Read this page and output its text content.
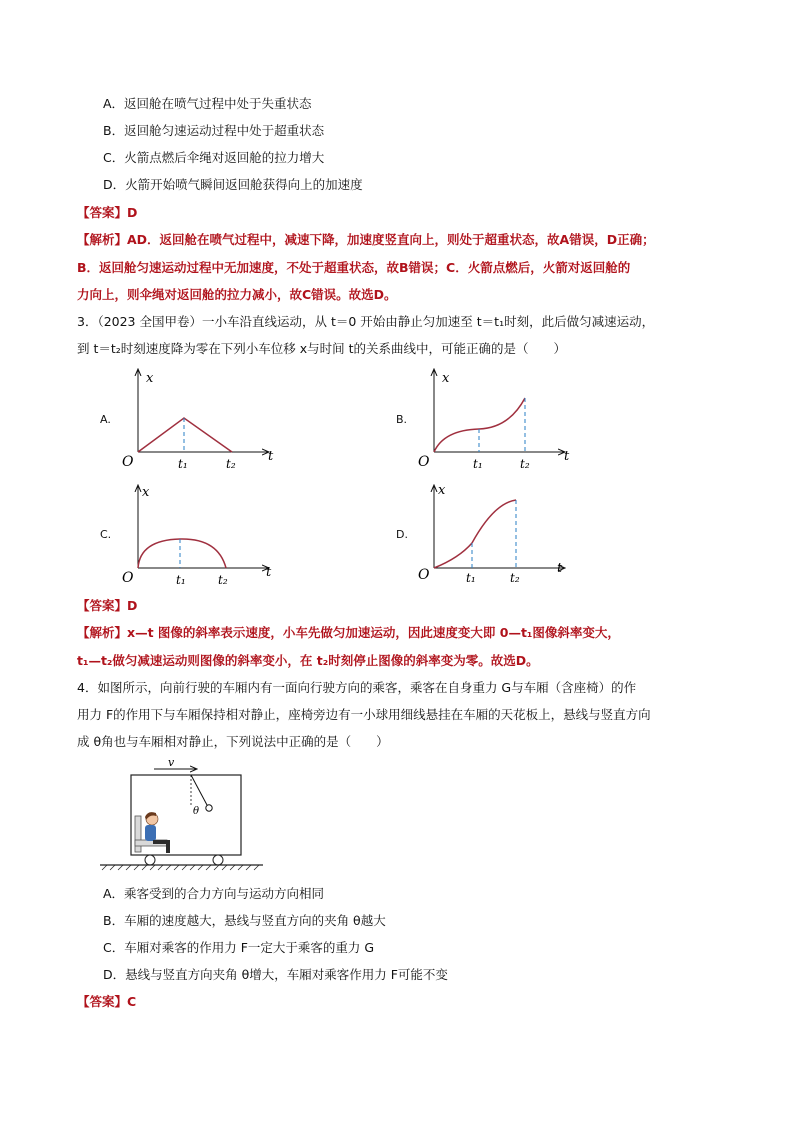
A．返回舱在喷气过程中处于失重状态
B．返回舱匀速运动过程中处于超重状态
C．火箭点燃后伞绳对返回舱的拉力增大
D．火箭开始喷气瞬间返回舱获得向上的加速度
【答案】D
【解析】AD．返回舱在喷气过程中，减速下降，加速度竖直向上，则处于超重状态，故A错误，D正确；
B．返回舱匀速运动过程中无加速度，不处于超重状态，故B错误；C．火箭点燃后，火箭对返回舱的
力向上，则伞绳对返回舱的拉力减小，故C错误。故选D。
3．（2023 全国甲卷）一小车沿直线运动，从 t＝0 开始由静止匀加速至 t＝t₁时刻，此后做匀减速运动，
到 t＝t₂时刻速度降为零在下列小车位移 x与时间 t的关系曲线中，可能正确的是（　　）
A.
x
t
O	t₁	t₂
B.
x
t
O	t₁	t₂
C.
x
t
O	t₁	t₂
D.
x
t
O	t₁	t₂
【答案】D
【解析】x—t 图像的斜率表示速度，小车先做匀加速运动，因此速度变大即 0—t₁图像斜率变大，
t₁—t₂做匀减速运动则图像的斜率变小，在 t₂时刻停止图像的斜率变为零。故选D。
4．如图所示，向前行驶的车厢内有一面向行驶方向的乘客，乘客在自身重力 G与车厢（含座椅）的作
用力 F的作用下与车厢保持相对静止，座椅旁边有一小球用细线悬挂在车厢的天花板上，悬线与竖直方向
成 θ角也与车厢相对静止，下列说法中正确的是（　　）
v
θ
A．乘客受到的合力方向与运动方向相同
B．车厢的速度越大，悬线与竖直方向的夹角 θ越大
C．车厢对乘客的作用力 F一定大于乘客的重力 G
D．悬线与竖直方向夹角 θ增大，车厢对乘客作用力 F可能不变
【答案】C
